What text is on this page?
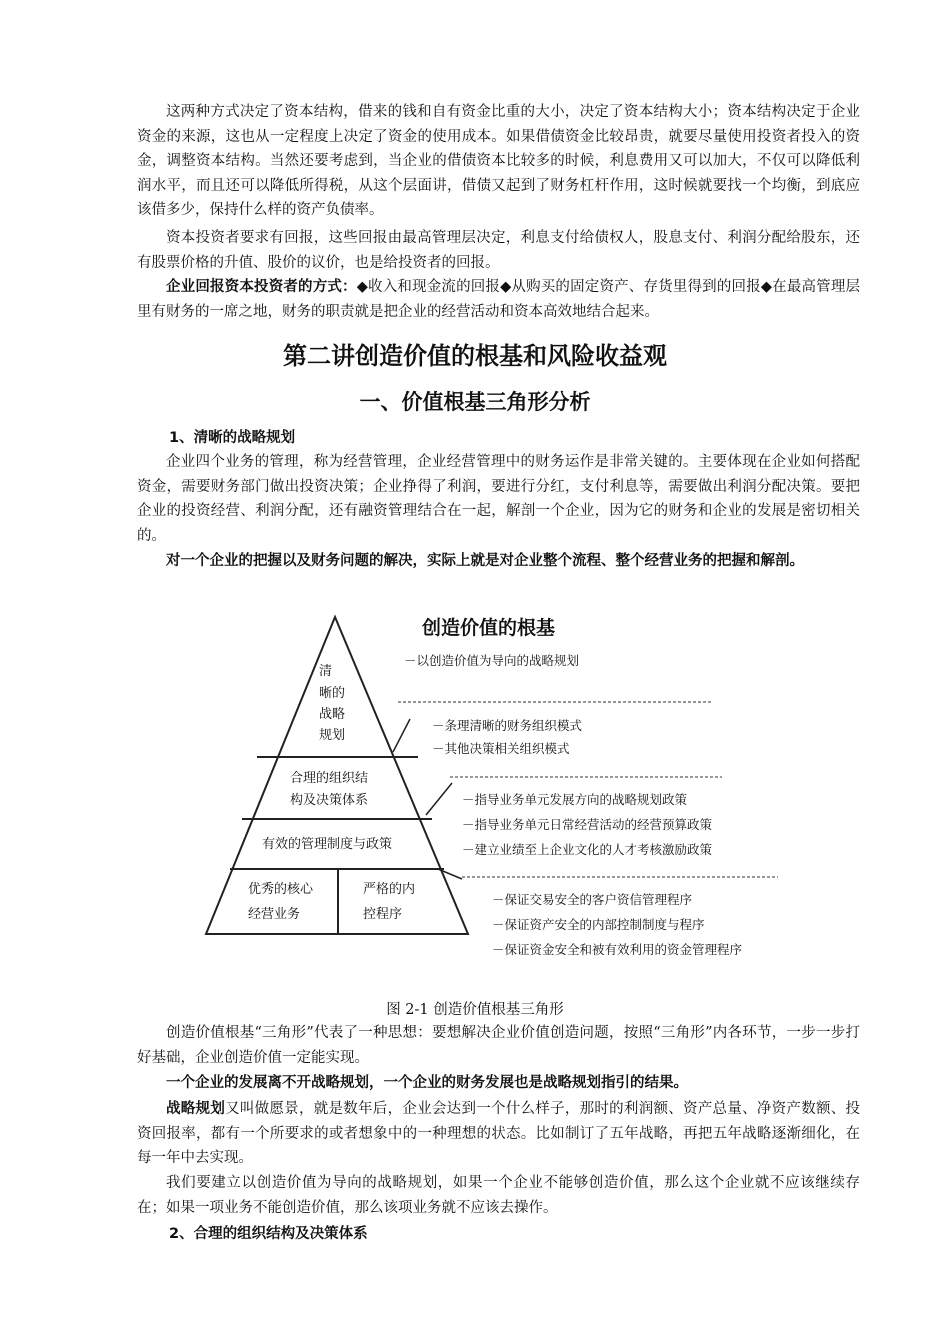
这两种方式决定了资本结构，借来的钱和自有资金比重的大小，决定了资本结构大小；资本结构决定于企业资金的来源，这也从一定程度上决定了资金的使用成本。如果借债资金比较昂贵，就要尽量使用投资者投入的资金，调整资本结构。当然还要考虑到，当企业的借债资本比较多的时候，利息费用又可以加大，不仅可以降低利润水平，而且还可以降低所得税，从这个层面讲，借债又起到了财务杠杆作用，这时候就要找一个均衡，到底应该借多少，保持什么样的资产负债率。

资本投资者要求有回报，这些回报由最高管理层决定，利息支付给债权人，股息支付、利润分配给股东，还有股票价格的升值、股价的议价，也是给投资者的回报。

企业回报资本投资者的方式：◆收入和现金流的回报◆从购买的固定资产、存货里得到的回报◆在最高管理层里有财务的一席之地，财务的职责就是把企业的经营活动和资本高效地结合起来。

第二讲创造价值的根基和风险收益观
一、价值根基三角形分析

1、清晰的战略规划

企业四个业务的管理，称为经营管理，企业经营管理中的财务运作是非常关键的。主要体现在企业如何搭配资金，需要财务部门做出投资决策；企业挣得了利润，要进行分红，支付利息等，需要做出利润分配决策。要把企业的投资经营、利润分配，还有融资管理结合在一起，解剖一个企业，因为它的财务和企业的发展是密切相关的。

对一个企业的把握以及财务问题的解决，实际上就是对企业整个流程、整个经营业务的把握和解剖。

清
晰的
战略
规划
合理的组织结
构及决策体系
有效的管理制度与政策
优秀的核心
经营业务
严格的内
控程序
创造价值的根基
－以创造价值为导向的战略规划
－条理清晰的财务组织模式
－其他决策相关组织模式
－指导业务单元发展方向的战略规划政策
－指导业务单元日常经营活动的经营预算政策
－建立业绩至上企业文化的人才考核激励政策
－保证交易安全的客户资信管理程序
－保证资产安全的内部控制制度与程序
－保证资金安全和被有效利用的资金管理程序
图 2-1 创造价值根基三角形

创造价值根基“三角形”代表了一种思想：要想解决企业价值创造问题，按照“三角形”内各环节，一步一步打好基础，企业创造价值一定能实现。

一个企业的发展离不开战略规划，一个企业的财务发展也是战略规划指引的结果。

战略规划又叫做愿景，就是数年后，企业会达到一个什么样子，那时的利润额、资产总量、净资产数额、投资回报率，都有一个所要求的或者想象中的一种理想的状态。比如制订了五年战略，再把五年战略逐渐细化，在每一年中去实现。

我们要建立以创造价值为导向的战略规划，如果一个企业不能够创造价值，那么这个企业就不应该继续存在；如果一项业务不能创造价值，那么该项业务就不应该去操作。

2、合理的组织结构及决策体系
